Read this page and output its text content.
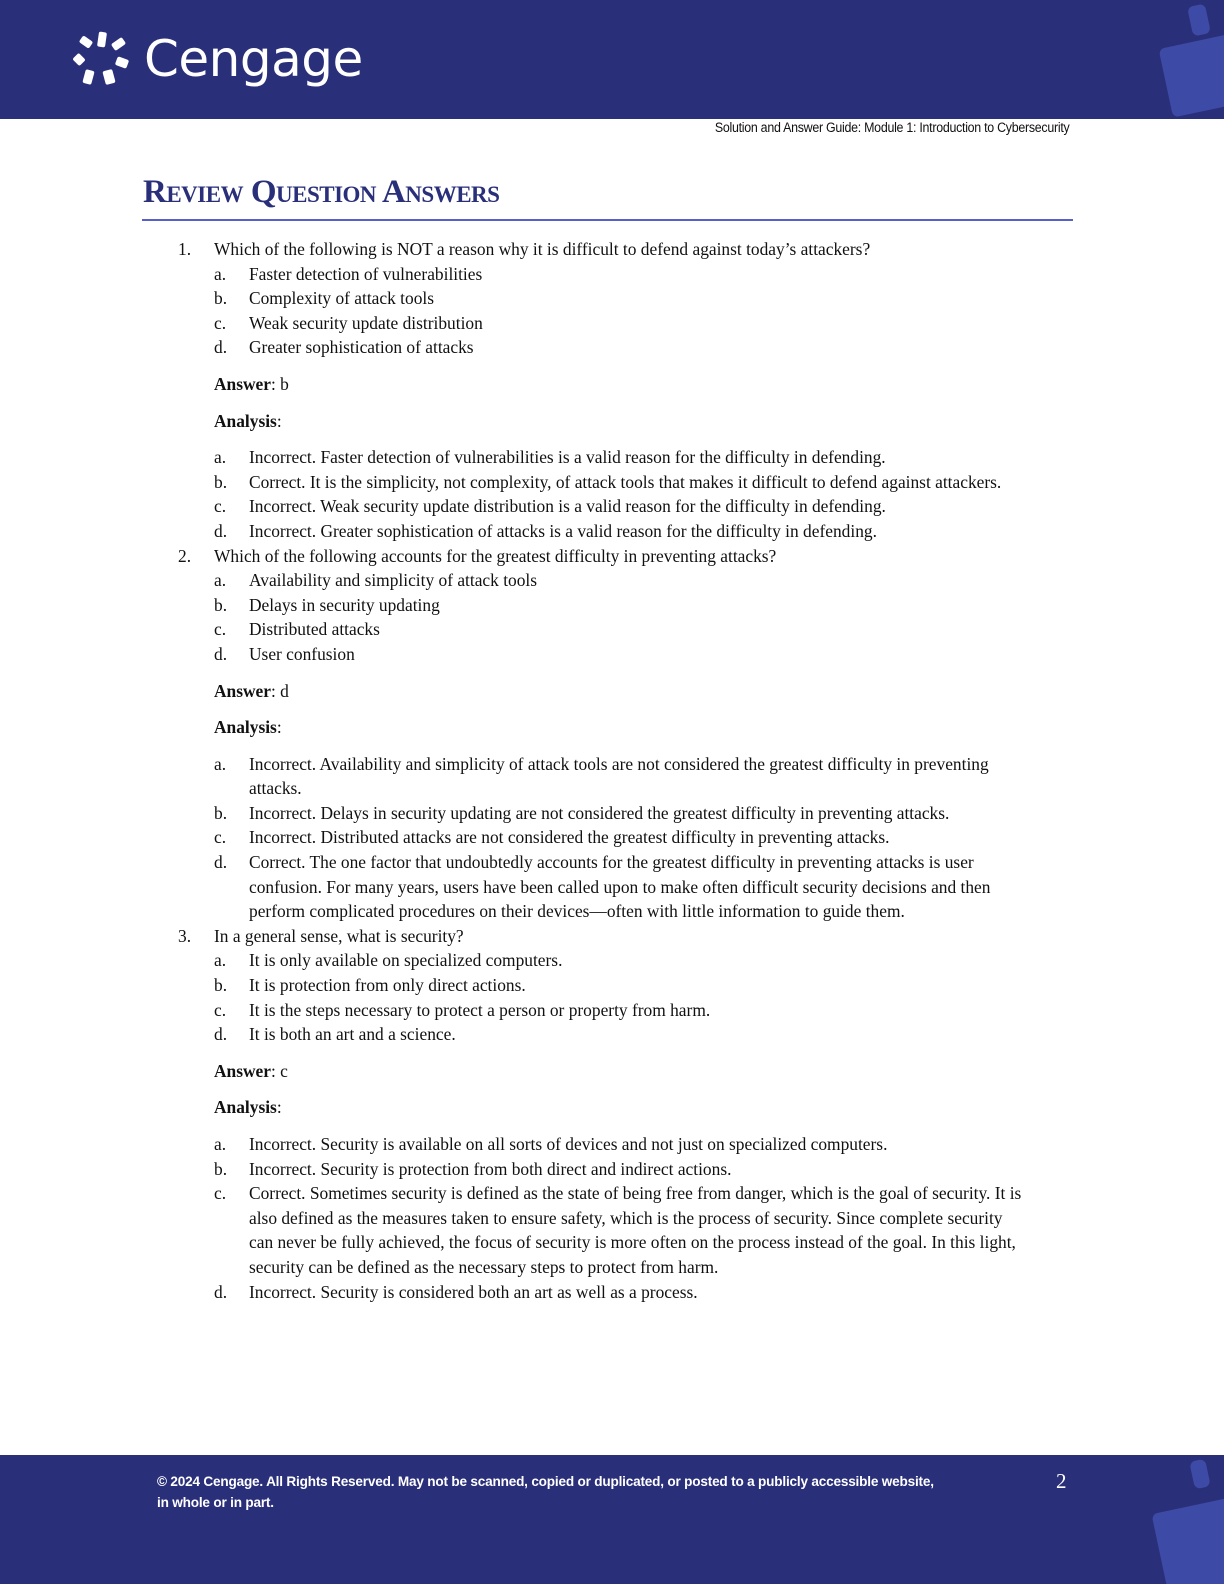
Cengage
Solution and Answer Guide: Module 1: Introduction to Cybersecurity
Review Question Answers
1. Which of the following is NOT a reason why it is difficult to defend against today’s attackers?
a. Faster detection of vulnerabilities
b. Complexity of attack tools
c. Weak security update distribution
d. Greater sophistication of attacks
Answer: b
Analysis:
a. Incorrect. Faster detection of vulnerabilities is a valid reason for the difficulty in defending.
b. Correct. It is the simplicity, not complexity, of attack tools that makes it difficult to defend against attackers.
c. Incorrect. Weak security update distribution is a valid reason for the difficulty in defending.
d. Incorrect. Greater sophistication of attacks is a valid reason for the difficulty in defending.
2. Which of the following accounts for the greatest difficulty in preventing attacks?
a. Availability and simplicity of attack tools
b. Delays in security updating
c. Distributed attacks
d. User confusion
Answer: d
Analysis:
a. Incorrect. Availability and simplicity of attack tools are not considered the greatest difficulty in preventing attacks.
b. Incorrect. Delays in security updating are not considered the greatest difficulty in preventing attacks.
c. Incorrect. Distributed attacks are not considered the greatest difficulty in preventing attacks.
d. Correct. The one factor that undoubtedly accounts for the greatest difficulty in preventing attacks is user confusion. For many years, users have been called upon to make often difficult security decisions and then perform complicated procedures on their devices—often with little information to guide them.
3. In a general sense, what is security?
a. It is only available on specialized computers.
b. It is protection from only direct actions.
c. It is the steps necessary to protect a person or property from harm.
d. It is both an art and a science.
Answer: c
Analysis:
a. Incorrect. Security is available on all sorts of devices and not just on specialized computers.
b. Incorrect. Security is protection from both direct and indirect actions.
c. Correct. Sometimes security is defined as the state of being free from danger, which is the goal of security. It is also defined as the measures taken to ensure safety, which is the process of security. Since complete security can never be fully achieved, the focus of security is more often on the process instead of the goal. In this light, security can be defined as the necessary steps to protect from harm.
d. Incorrect. Security is considered both an art as well as a process.
© 2024 Cengage. All Rights Reserved. May not be scanned, copied or duplicated, or posted to a publicly accessible website, in whole or in part.
2
